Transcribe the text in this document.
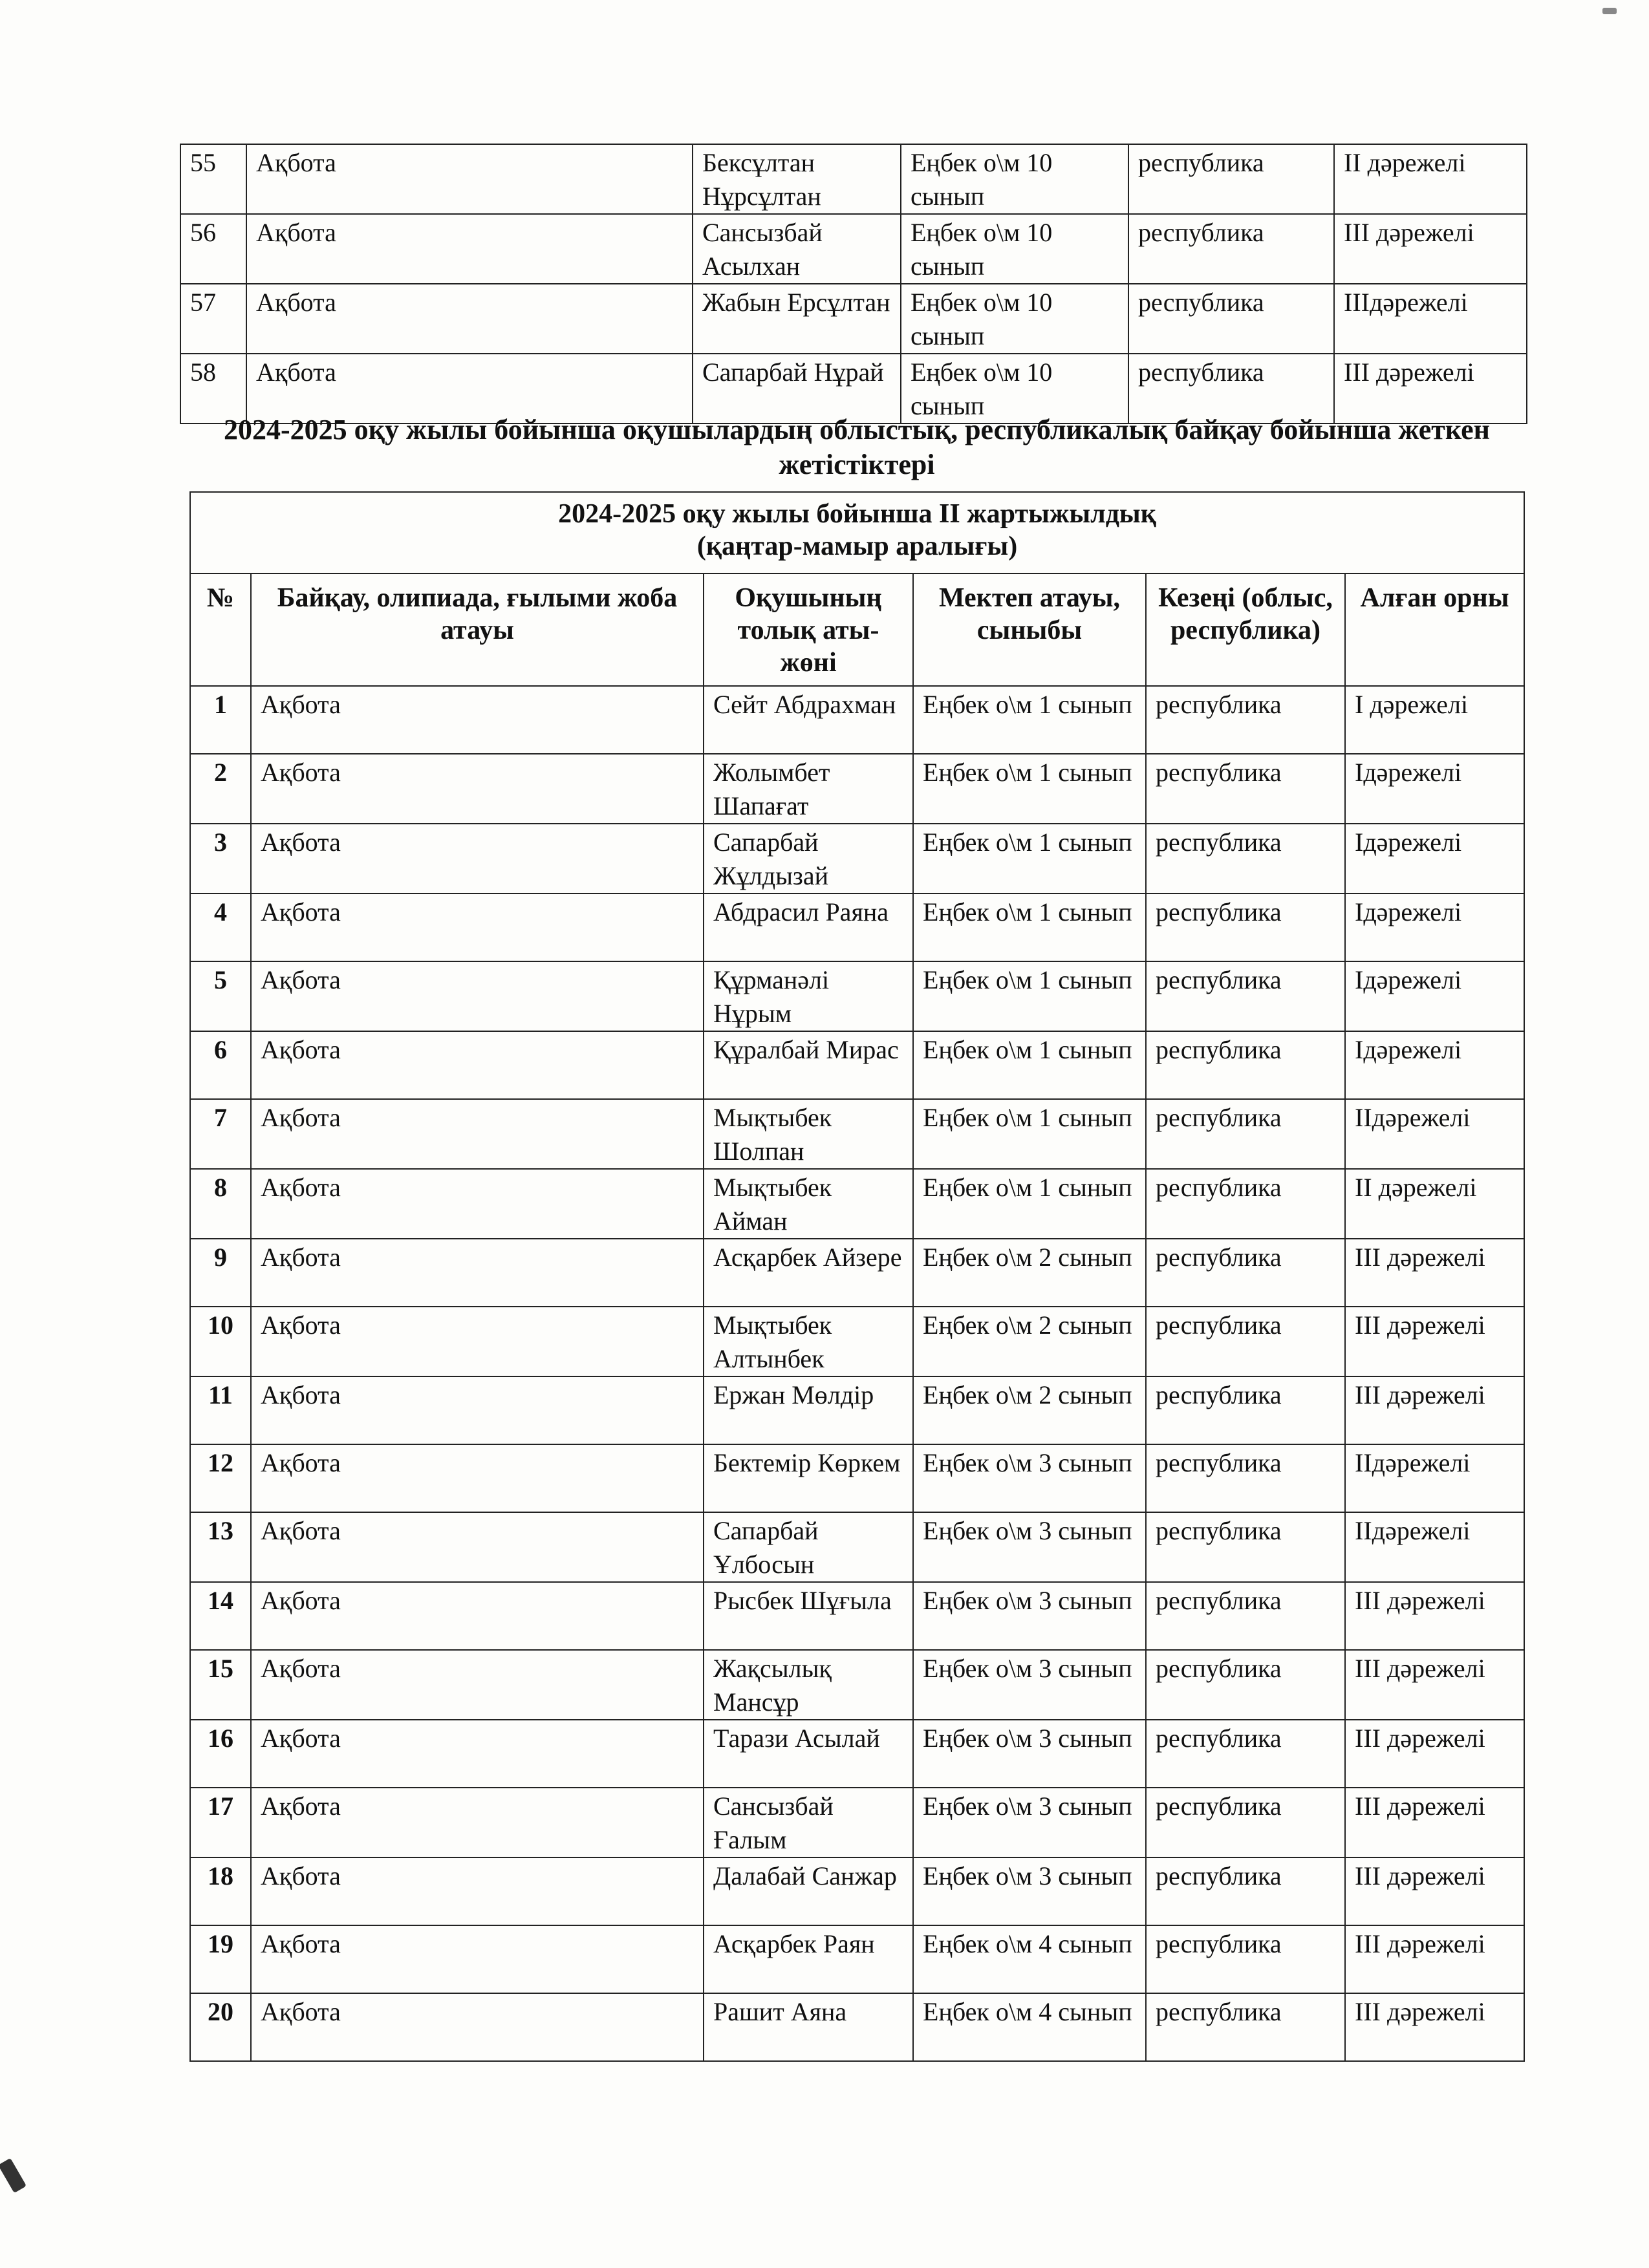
55	Ақбота	Бексұлтан Нұрсұлтан	Еңбек о\м 10 сынып	республика	ІІ дәрежелі
56	Ақбота	Сансызбай Асылхан	Еңбек о\м 10 сынып	республика	ІІІ дәрежелі
57	Ақбота	Жабын Ерсұлтан	Еңбек о\м 10 сынып	республика	ІІІдәрежелі
58	Ақбота	Сапарбай Нұрай	Еңбек о\м 10 сынып	республика	ІІІ дәрежелі
2024-2025 оқу жылы бойынша оқушылардың облыстық, республикалық байқау бойынша жеткен жетістіктері
2024-2025 оқу жылы бойынша ІІ жартыжылдық
(қаңтар-мамыр аралығы)					

№	Байқау, олипиада, ғылыми жоба атауы	Оқушының толық аты-жөні	Мектеп атауы, сыныбы	Кезеңі (облыс, республика)	Алған орны
1	Ақбота	Сейт Абдрахман	Еңбек о\м 1 сынып	республика	І дәрежелі
2	Ақбота	Жолымбет Шапағат	Еңбек о\м 1 сынып	республика	Ідәрежелі
3	Ақбота	Сапарбай Жұлдызай	Еңбек о\м 1 сынып	республика	Ідәрежелі
4	Ақбота	Абдрасил Раяна	Еңбек о\м 1 сынып	республика	Ідәрежелі
5	Ақбота	Құрманәлі Нұрым	Еңбек о\м 1 сынып	республика	Ідәрежелі
6	Ақбота	Құралбай Мирас	Еңбек о\м 1 сынып	республика	Ідәрежелі
7	Ақбота	Мықтыбек Шолпан	Еңбек о\м 1 сынып	республика	ІІдәрежелі
8	Ақбота	Мықтыбек Айман	Еңбек о\м 1 сынып	республика	ІІ дәрежелі
9	Ақбота	Асқарбек Айзере	Еңбек о\м 2 сынып	республика	ІІІ дәрежелі
10	Ақбота	Мықтыбек Алтынбек	Еңбек о\м 2 сынып	республика	ІІІ дәрежелі
11	Ақбота	Ержан Мөлдір	Еңбек о\м 2 сынып	республика	ІІІ дәрежелі
12	Ақбота	Бектемір Көркем	Еңбек о\м 3 сынып	республика	ІІдәрежелі
13	Ақбота	Сапарбай Ұлбосын	Еңбек о\м 3 сынып	республика	ІІдәрежелі
14	Ақбота	Рысбек Шұғыла	Еңбек о\м 3 сынып	республика	ІІІ дәрежелі
15	Ақбота	Жақсылық Мансұр	Еңбек о\м 3 сынып	республика	ІІІ дәрежелі
16	Ақбота	Тарази Асылай	Еңбек о\м 3 сынып	республика	ІІІ дәрежелі
17	Ақбота	Сансызбай Ғалым	Еңбек о\м 3 сынып	республика	ІІІ дәрежелі
18	Ақбота	Далабай Санжар	Еңбек о\м 3 сынып	республика	ІІІ дәрежелі
19	Ақбота	Асқарбек Раян	Еңбек о\м 4 сынып	республика	ІІІ дәрежелі
20	Ақбота	Рашит Аяна	Еңбек о\м 4 сынып	республика	ІІІ дәрежелі
